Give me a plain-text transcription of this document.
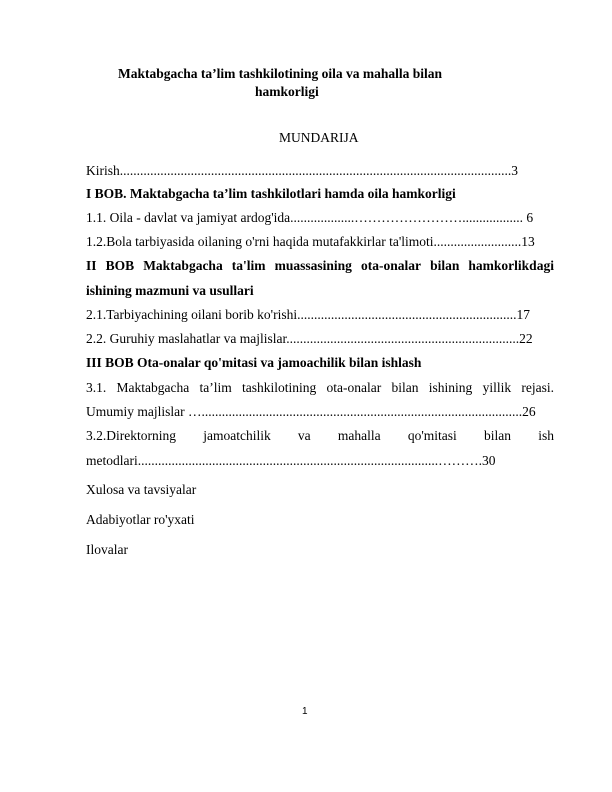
Maktabgacha ta’lim tashkilotining oila va mahalla bilan
hamkorligi
MUNDARIJA
Kirish....................................................................................................................3
I BOB. Maktabgacha ta’lim tashkilotlari hamda oila hamkorligi
1.1. Oila - davlat va jamiyat ardog'ida...................…………………….................. 6
1.2.Bola tarbiyasida oilaning o'rni haqida mutafakkirlar ta'limoti..........................13
II BOB Maktabgacha ta'lim muassasining ota-onalar bilan hamkorlikdagi
ishining mazmuni va usullari
2.1.Tarbiyachining oilani borib ko'rishi.................................................................17
2.2. Guruhiy maslahatlar va majlislar.....................................................................22
III BOB Ota-onalar qo'mitasi va jamoachilik bilan ishlash
3.1. Maktabgacha ta’lim tashkilotining ota-onalar bilan ishining yillik rejasi.
Umumiy majlislar …...............................................................................................26
3.2.Direktorning jamoatchilik va mahalla qo'mitasi bilan ish
metodlari.........................................................................................……….30
Xulosa va tavsiyalar
Adabiyotlar ro'yxati
Ilovalar
1
